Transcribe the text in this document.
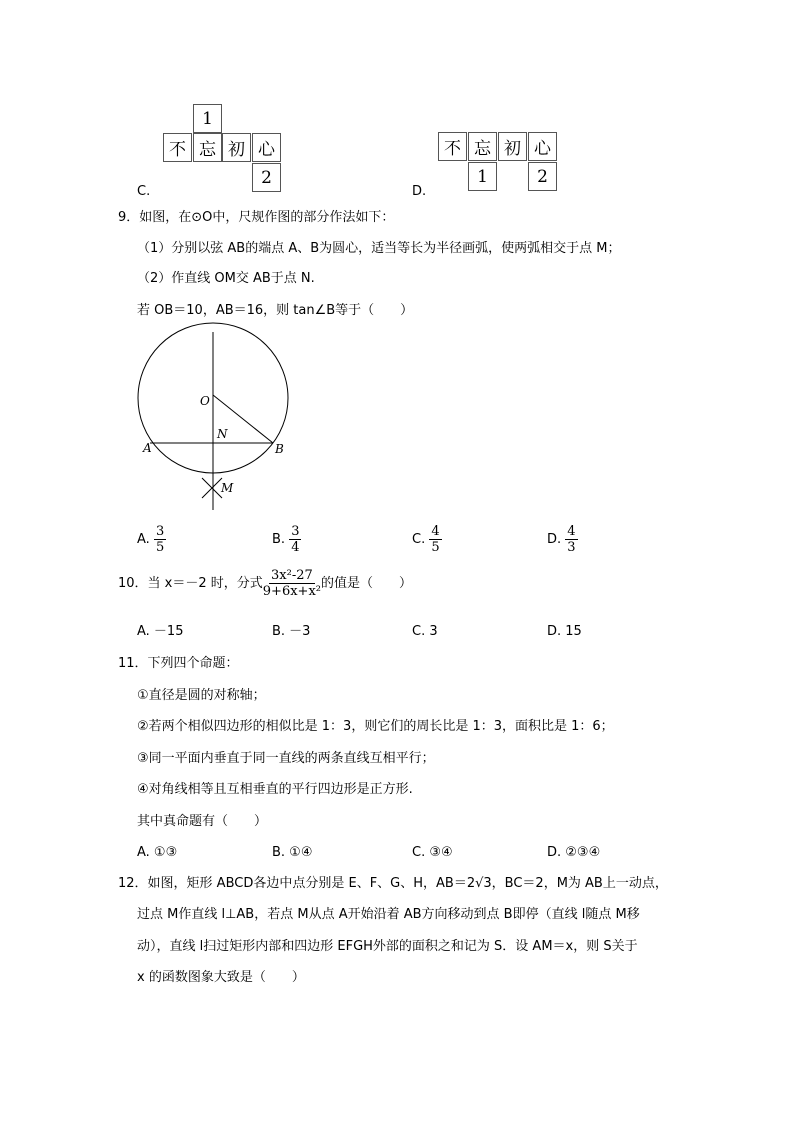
1
不 忘 初 心
2
C.
不 忘 初 心
1	2
D.
9．如图，在⊙O中，尺规作图的部分作法如下：
（1）分别以弦 AB的端点 A、B为圆心，适当等长为半径画弧，使两弧相交于点 M；
（2）作直线 OM交 AB于点 N.
若 OB＝10，AB＝16，则 tan∠B等于（　　）
O
N
A	B
M
A. $\frac{3}{5}$	B. $\frac{3}{4}$	C. $\frac{4}{5}$	D. $\frac{4}{3}$
10．当 x＝－2 时，分式 $\frac{\text{3x²-27}}{\text{9+6x+x²}}$ 的值是（　　）
A. －15	B. －3	C. 3	D. 15
11．下列四个命题：
①直径是圆的对称轴；
②若两个相似四边形的相似比是 1：3，则它们的周长比是 1：3，面积比是 1：6；
③同一平面内垂直于同一直线的两条直线互相平行；
④对角线相等且互相垂直的平行四边形是正方形.
其中真命题有（　　）
A. ①③	B. ①④	C. ③④	D. ②③④
12．如图，矩形 ABCD各边中点分别是 E、F、G、H，AB＝2√3，BC＝2，M为 AB上一动点，
过点 M作直线 l⊥AB，若点 M从点 A开始沿着 AB方向移动到点 B即停（直线 l随点 M移
动），直线 l扫过矩形内部和四边形 EFGH外部的面积之和记为 S．设 AM＝x，则 S关于
x 的函数图象大致是（　　）
